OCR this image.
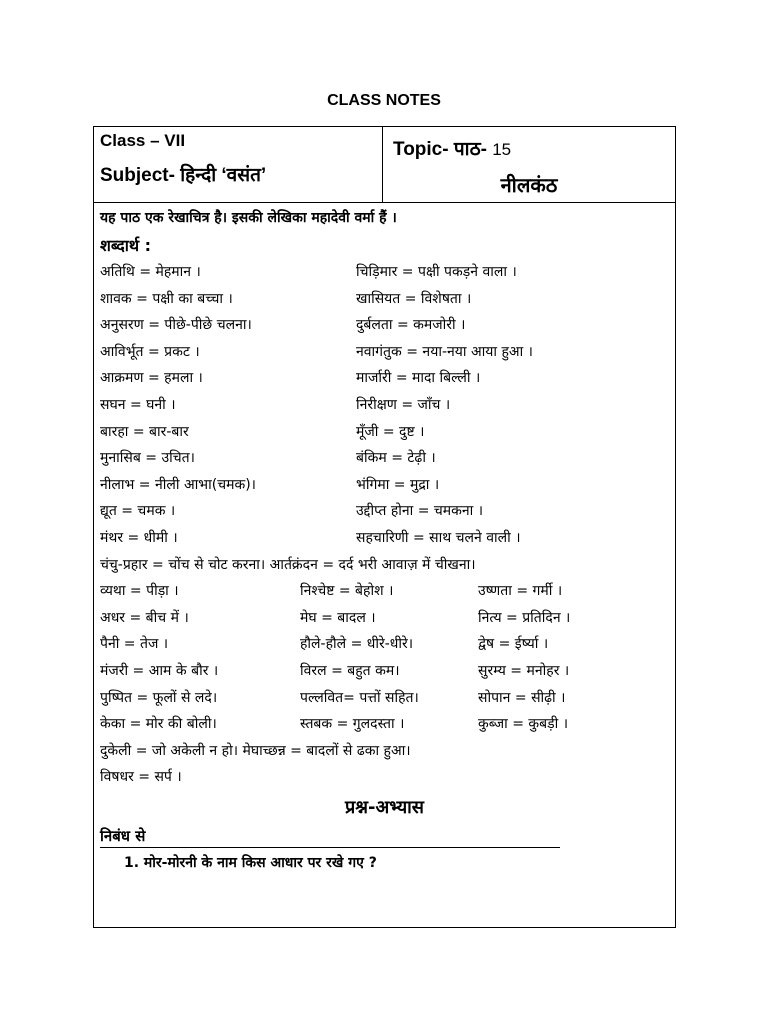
CLASS NOTES
Class – VII
Subject- हिन्दी ‘वसंत’
Topic- पाठ- 15
नीलकंठ
यह पाठ एक रेखाचित्र है। इसकी लेखिका महादेवी वर्मा हैं ।
शब्दार्थ :
अतिथि = मेहमान ।	चिड़िमार = पक्षी पकड़ने वाला ।
शावक = पक्षी का बच्चा ।	खासियत = विशेषता ।
अनुसरण = पीछे-पीछे चलना।	दुर्बलता = कमजोरी ।
आविर्भूत = प्रकट ।	नवागंतुक = नया-नया आया हुआ ।
आक्रमण = हमला ।	मार्जारी = मादा बिल्ली ।
सघन = घनी ।	निरीक्षण = जाँच ।
बारहा = बार-बार	मूँजी = दुष्ट ।
मुनासिब = उचित।	बंकिम = टेढ़ी ।
नीलाभ = नीली आभा(चमक)।	भंगिमा = मुद्रा ।
द्यूत = चमक ।	उद्दीप्त होना = चमकना ।
मंथर = धीमी ।	सहचारिणी = साथ चलने वाली ।
चंचु-प्रहार = चोंच से चोट करना। आर्तक्रंदन = दर्द भरी आवाज़ में चीखना।
व्यथा = पीड़ा ।	निश्चेष्ट = बेहोश ।	उष्णता = गर्मी ।
अधर = बीच में ।	मेघ = बादल ।	नित्य = प्रतिदिन ।
पैनी = तेज ।	हौले-हौले = धीरे-धीरे।	द्वेष = ईर्ष्या ।
मंजरी = आम के बौर ।	विरल = बहुत कम।	सुरम्य = मनोहर ।
पुष्पित = फूलों से लदे।	पल्लवित= पत्तों सहित।	सोपान = सीढ़ी ।
केका = मोर की बोली।	स्तबक = गुलदस्ता ।	कुब्जा = कुबड़ी ।
दुकेली = जो अकेली न हो। मेघाच्छन्न = बादलों से ढका हुआ।
विषधर = सर्प ।
प्रश्न-अभ्यास
निबंध से
1. मोर-मोरनी के नाम किस आधार पर रखे गए ?
